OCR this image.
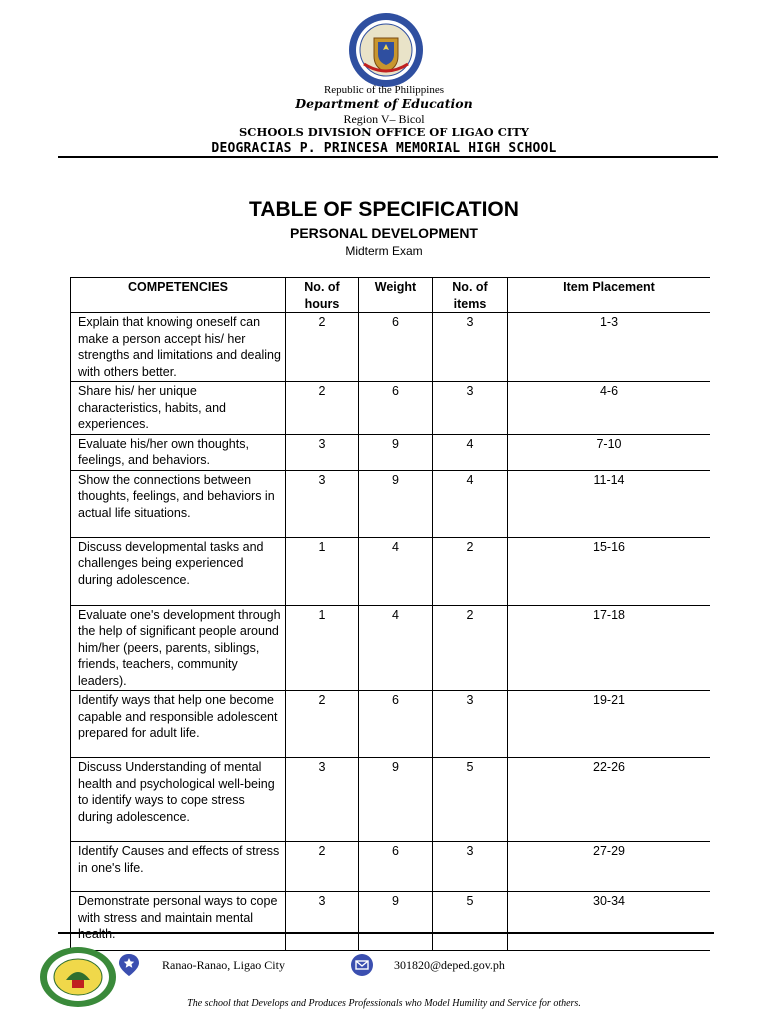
Republic of the Philippines
Department of Education
Region V– Bicol
SCHOOLS DIVISION OFFICE OF LIGAO CITY
DEOGRACIAS P. PRINCESA MEMORIAL HIGH SCHOOL
TABLE OF SPECIFICATION
PERSONAL DEVELOPMENT
Midterm Exam
COMPETENCIES	No. of hours	Weight	No. of items	Item Placement
Explain that knowing oneself can make a person accept his/ her strengths and limitations and dealing with others better.	2	6	3	1-3
Share his/ her unique characteristics, habits, and experiences.	2	6	3	4-6
Evaluate his/her own thoughts, feelings, and behaviors.	3	9	4	7-10
Show the connections between thoughts, feelings, and behaviors in actual life situations.	3	9	4	11-14
Discuss developmental tasks and challenges being experienced during adolescence.	1	4	2	15-16
Evaluate one's development through the help of significant people around him/her (peers, parents, siblings, friends, teachers, community leaders).	1	4	2	17-18
Identify ways that help one become capable and responsible adolescent prepared for adult life.	2	6	3	19-21
Discuss Understanding of mental health and psychological well-being to identify ways to cope stress during adolescence.	3	9	5	22-26
Identify Causes and effects of stress in one's life.	2	6	3	27-29
Demonstrate personal ways to cope with stress and maintain mental health.	3	9	5	30-34

Ranao-Ranao, Ligao City	301820@deped.gov.ph
The school that Develops and Produces Professionals who Model Humility and Service for others.
